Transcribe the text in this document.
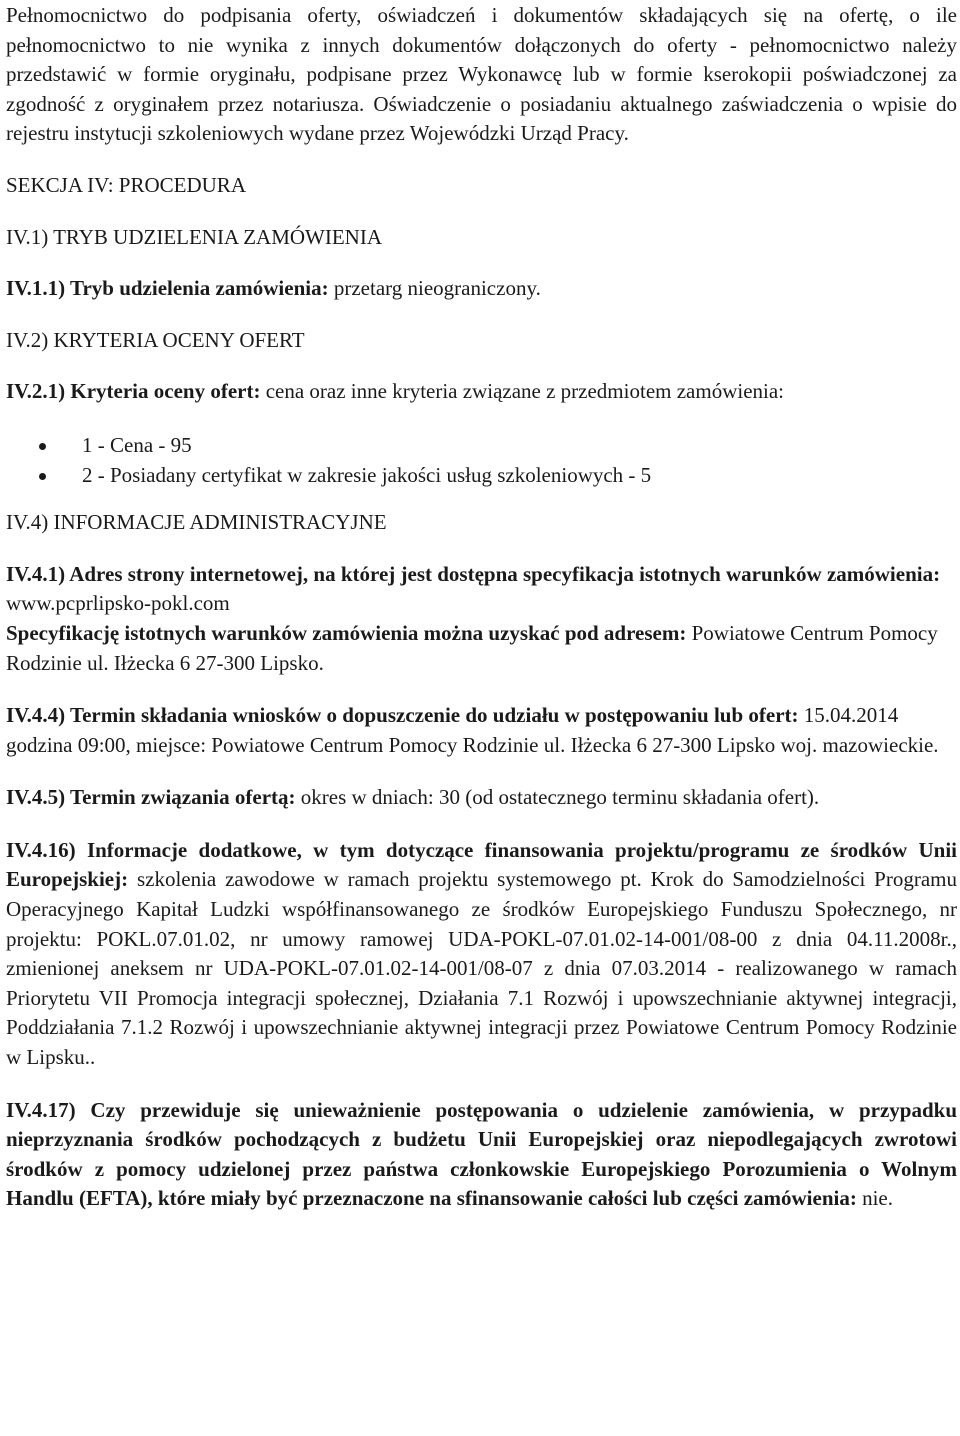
Pełnomocnictwo do podpisania oferty, oświadczeń i dokumentów składających się na ofertę, o ile pełnomocnictwo to nie wynika z innych dokumentów dołączonych do oferty - pełnomocnictwo należy przedstawić w formie oryginału, podpisane przez Wykonawcę lub w formie kserokopii poświadczonej za zgodność z oryginałem przez notariusza. Oświadczenie o posiadaniu aktualnego zaświadczenia o wpisie do rejestru instytucji szkoleniowych wydane przez Wojewódzki Urząd Pracy.

SEKCJA IV: PROCEDURA

IV.1) TRYB UDZIELENIA ZAMÓWIENIA

IV.1.1) Tryb udzielenia zamówienia: przetarg nieograniczony.

IV.2) KRYTERIA OCENY OFERT

IV.2.1) Kryteria oceny ofert: cena oraz inne kryteria związane z przedmiotem zamówienia:

1 - Cena - 95
2 - Posiadany certyfikat w zakresie jakości usług szkoleniowych - 5

IV.4) INFORMACJE ADMINISTRACYJNE

IV.4.1) Adres strony internetowej, na której jest dostępna specyfikacja istotnych warunków zamówienia: www.pcprlipsko-pokl.com

Specyfikację istotnych warunków zamówienia można uzyskać pod adresem: Powiatowe Centrum Pomocy Rodzinie ul. Iłżecka 6 27-300 Lipsko.

IV.4.4) Termin składania wniosków o dopuszczenie do udziału w postępowaniu lub ofert: 15.04.2014 godzina 09:00, miejsce: Powiatowe Centrum Pomocy Rodzinie ul. Iłżecka 6 27-300 Lipsko woj. mazowieckie.

IV.4.5) Termin związania ofertą: okres w dniach: 30 (od ostatecznego terminu składania ofert).

IV.4.16) Informacje dodatkowe, w tym dotyczące finansowania projektu/programu ze środków Unii Europejskiej: szkolenia zawodowe w ramach projektu systemowego pt. Krok do Samodzielności Programu Operacyjnego Kapitał Ludzki współfinansowanego ze środków Europejskiego Funduszu Społecznego, nr projektu: POKL.07.01.02, nr umowy ramowej UDA-POKL-07.01.02-14-001/08-00 z dnia 04.11.2008r., zmienionej aneksem nr UDA-POKL-07.01.02-14-001/08-07 z dnia 07.03.2014 - realizowanego w ramach Priorytetu VII Promocja integracji społecznej, Działania 7.1 Rozwój i upowszechnianie aktywnej integracji, Poddziałania 7.1.2 Rozwój i upowszechnianie aktywnej integracji przez Powiatowe Centrum Pomocy Rodzinie w Lipsku..

IV.4.17) Czy przewiduje się unieważnienie postępowania o udzielenie zamówienia, w przypadku nieprzyznania środków pochodzących z budżetu Unii Europejskiej oraz niepodlegających zwrotowi środków z pomocy udzielonej przez państwa członkowskie Europejskiego Porozumienia o Wolnym Handlu (EFTA), które miały być przeznaczone na sfinansowanie całości lub części zamówienia: nie.
